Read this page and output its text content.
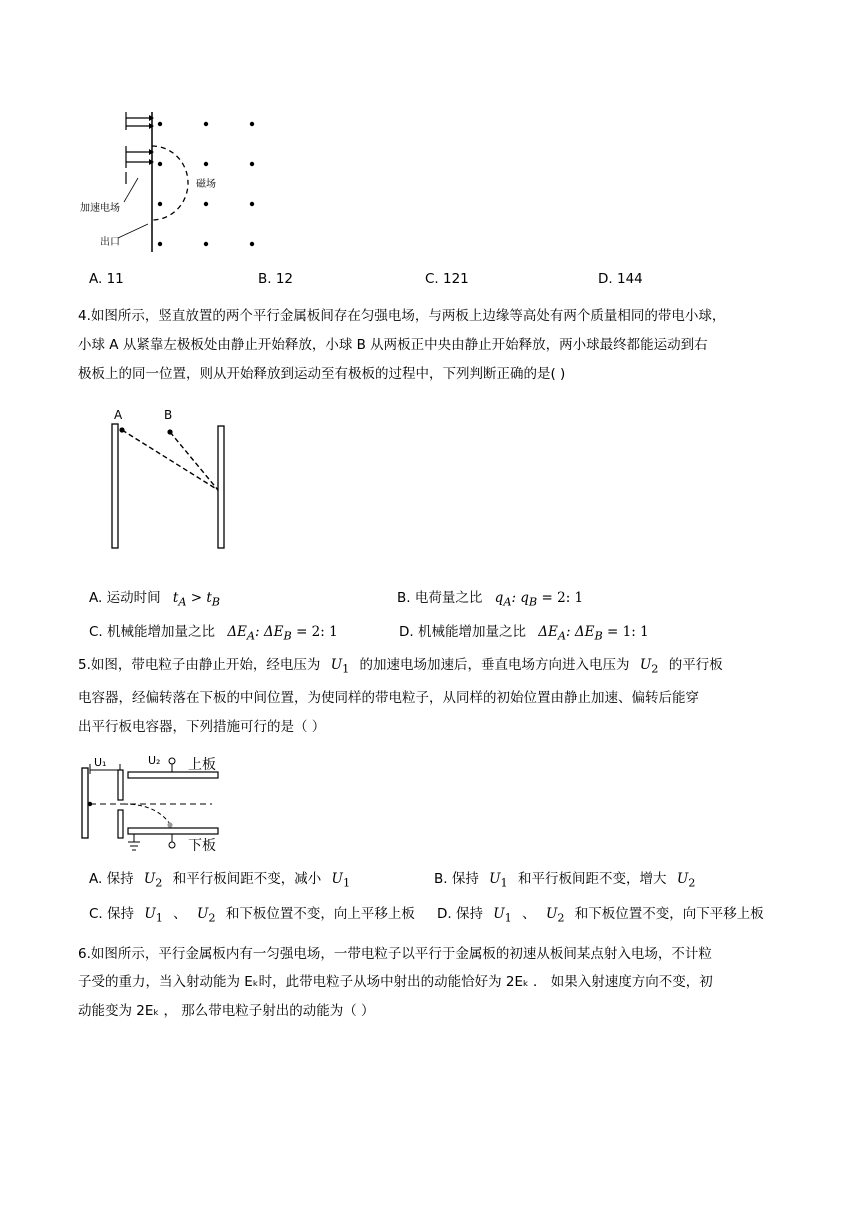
磁场
加速电场
出口
A. 11	B. 12	C. 121	D. 144
4.如图所示，竖直放置的两个平行金属板间存在匀强电场，与两板上边缘等高处有两个质量相同的带电小球，
小球 A 从紧靠左极板处由静止开始释放，小球 B 从两板正中央由静止开始释放，两小球最终都能运动到右
极板上的同一位置，则从开始释放到运动至有极板的过程中，下列判断正确的是( )
A	B
A. 运动时间 $t_A > t_B$	B. 电荷量之比 $q_A$: $q_B = 2$: 1
C. 机械能增加量之比 $\Delta E_A$: $\Delta E_B = 2$: 1	D. 机械能增加量之比 $\Delta E_A$: $\Delta E_B = 1$: 1
5.如图，带电粒子由静止开始，经电压为 $U_1$ 的加速电场加速后，垂直电场方向进入电压为 $U_2$ 的平行板
电容器，经偏转落在下板的中间位置，为使同样的带电粒子，从同样的初始位置由静止加速、偏转后能穿
出平行板电容器，下列措施可行的是（ ）
U₁	U₂ 上板
下板
A. 保持 $U_2$ 和平行板间距不变，减小 $U_1$	B. 保持 $U_1$ 和平行板间距不变，增大 $U_2$
C. 保持 $U_1$ 、 $U_2$ 和下板位置不变，向上平移上板 D. 保持 $U_1$ 、 $U_2$ 和下板位置不变，向下平移上板
6.如图所示，平行金属板内有一匀强电场，一带电粒子以平行于金属板的初速从板间某点射入电场，不计粒
子受的重力，当入射动能为 Eₖ时，此带电粒子从场中射出的动能恰好为 2Eₖ ． 如果入射速度方向不变，初
动能变为 2Eₖ ， 那么带电粒子射出的动能为（ ）
